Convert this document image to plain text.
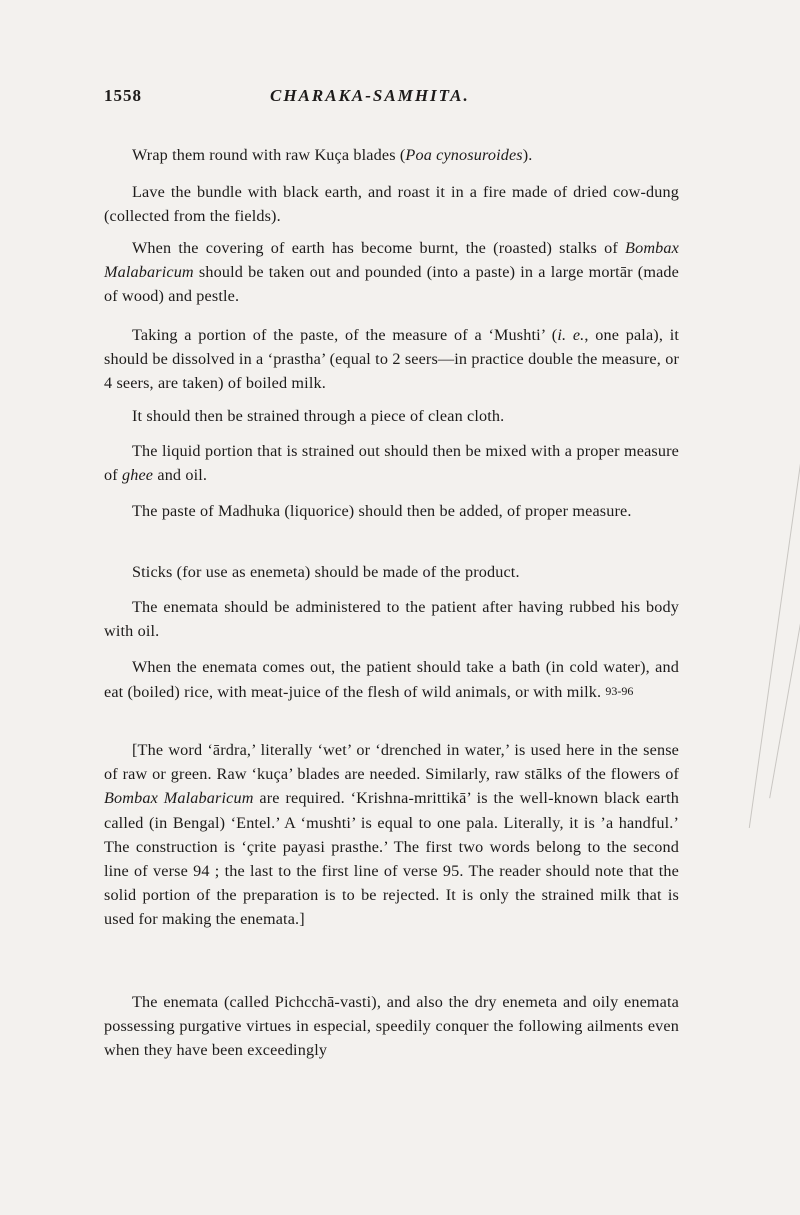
1558	CHARAKA-SAMHITA.

Wrap them round with raw Kuça blades (Poa cynosuroides).

Lave the bundle with black earth, and roast it in a fire made of dried cow-dung (collected from the fields).

When the covering of earth has become burnt, the (roasted) stalks of Bombax Malabaricum should be taken out and pounded (into a paste) in a large mortār (made of wood) and pestle.

Taking a portion of the paste, of the measure of a ‘Mushti’ (i. e., one pala), it should be dissolved in a ‘prastha’ (equal to 2 seers—in practice double the measure, or 4 seers, are taken) of boiled milk.

It should then be strained through a piece of clean cloth.

The liquid portion that is strained out should then be mixed with a proper measure of ghee and oil.

The paste of Madhuka (liquorice) should then be added, of proper measure.

Sticks (for use as enemeta) should be made of the product.

The enemata should be administered to the patient after having rubbed his body with oil.

When the enemata comes out, the patient should take a bath (in cold water), and eat (boiled) rice, with meat-juice of the flesh of wild animals, or with milk. 93-96

[The word ‘ārdra,’ literally ‘wet’ or ‘drenched in water,’ is used here in the sense of raw or green. Raw ‘kuça’ blades are needed. Similarly, raw stālks of the flowers of Bombax Malabaricum are required. ‘Krishna-mrittikā’ is the well-known black earth called (in Bengal) ‘Entel.’ A ‘mushti’ is equal to one pala. Literally, it is ’a handful.’ The construction is ‘çrite payasi prasthe.’ The first two words belong to the second line of verse 94 ; the last to the first line of verse 95. The reader should note that the solid portion of the preparation is to be rejected. It is only the strained milk that is used for making the enemata.]

The enemata (called Pichcchā-vasti), and also the dry enemeta and oily enemata possessing purgative virtues in especial, speedily conquer the following ailments even when they have been exceedingly
